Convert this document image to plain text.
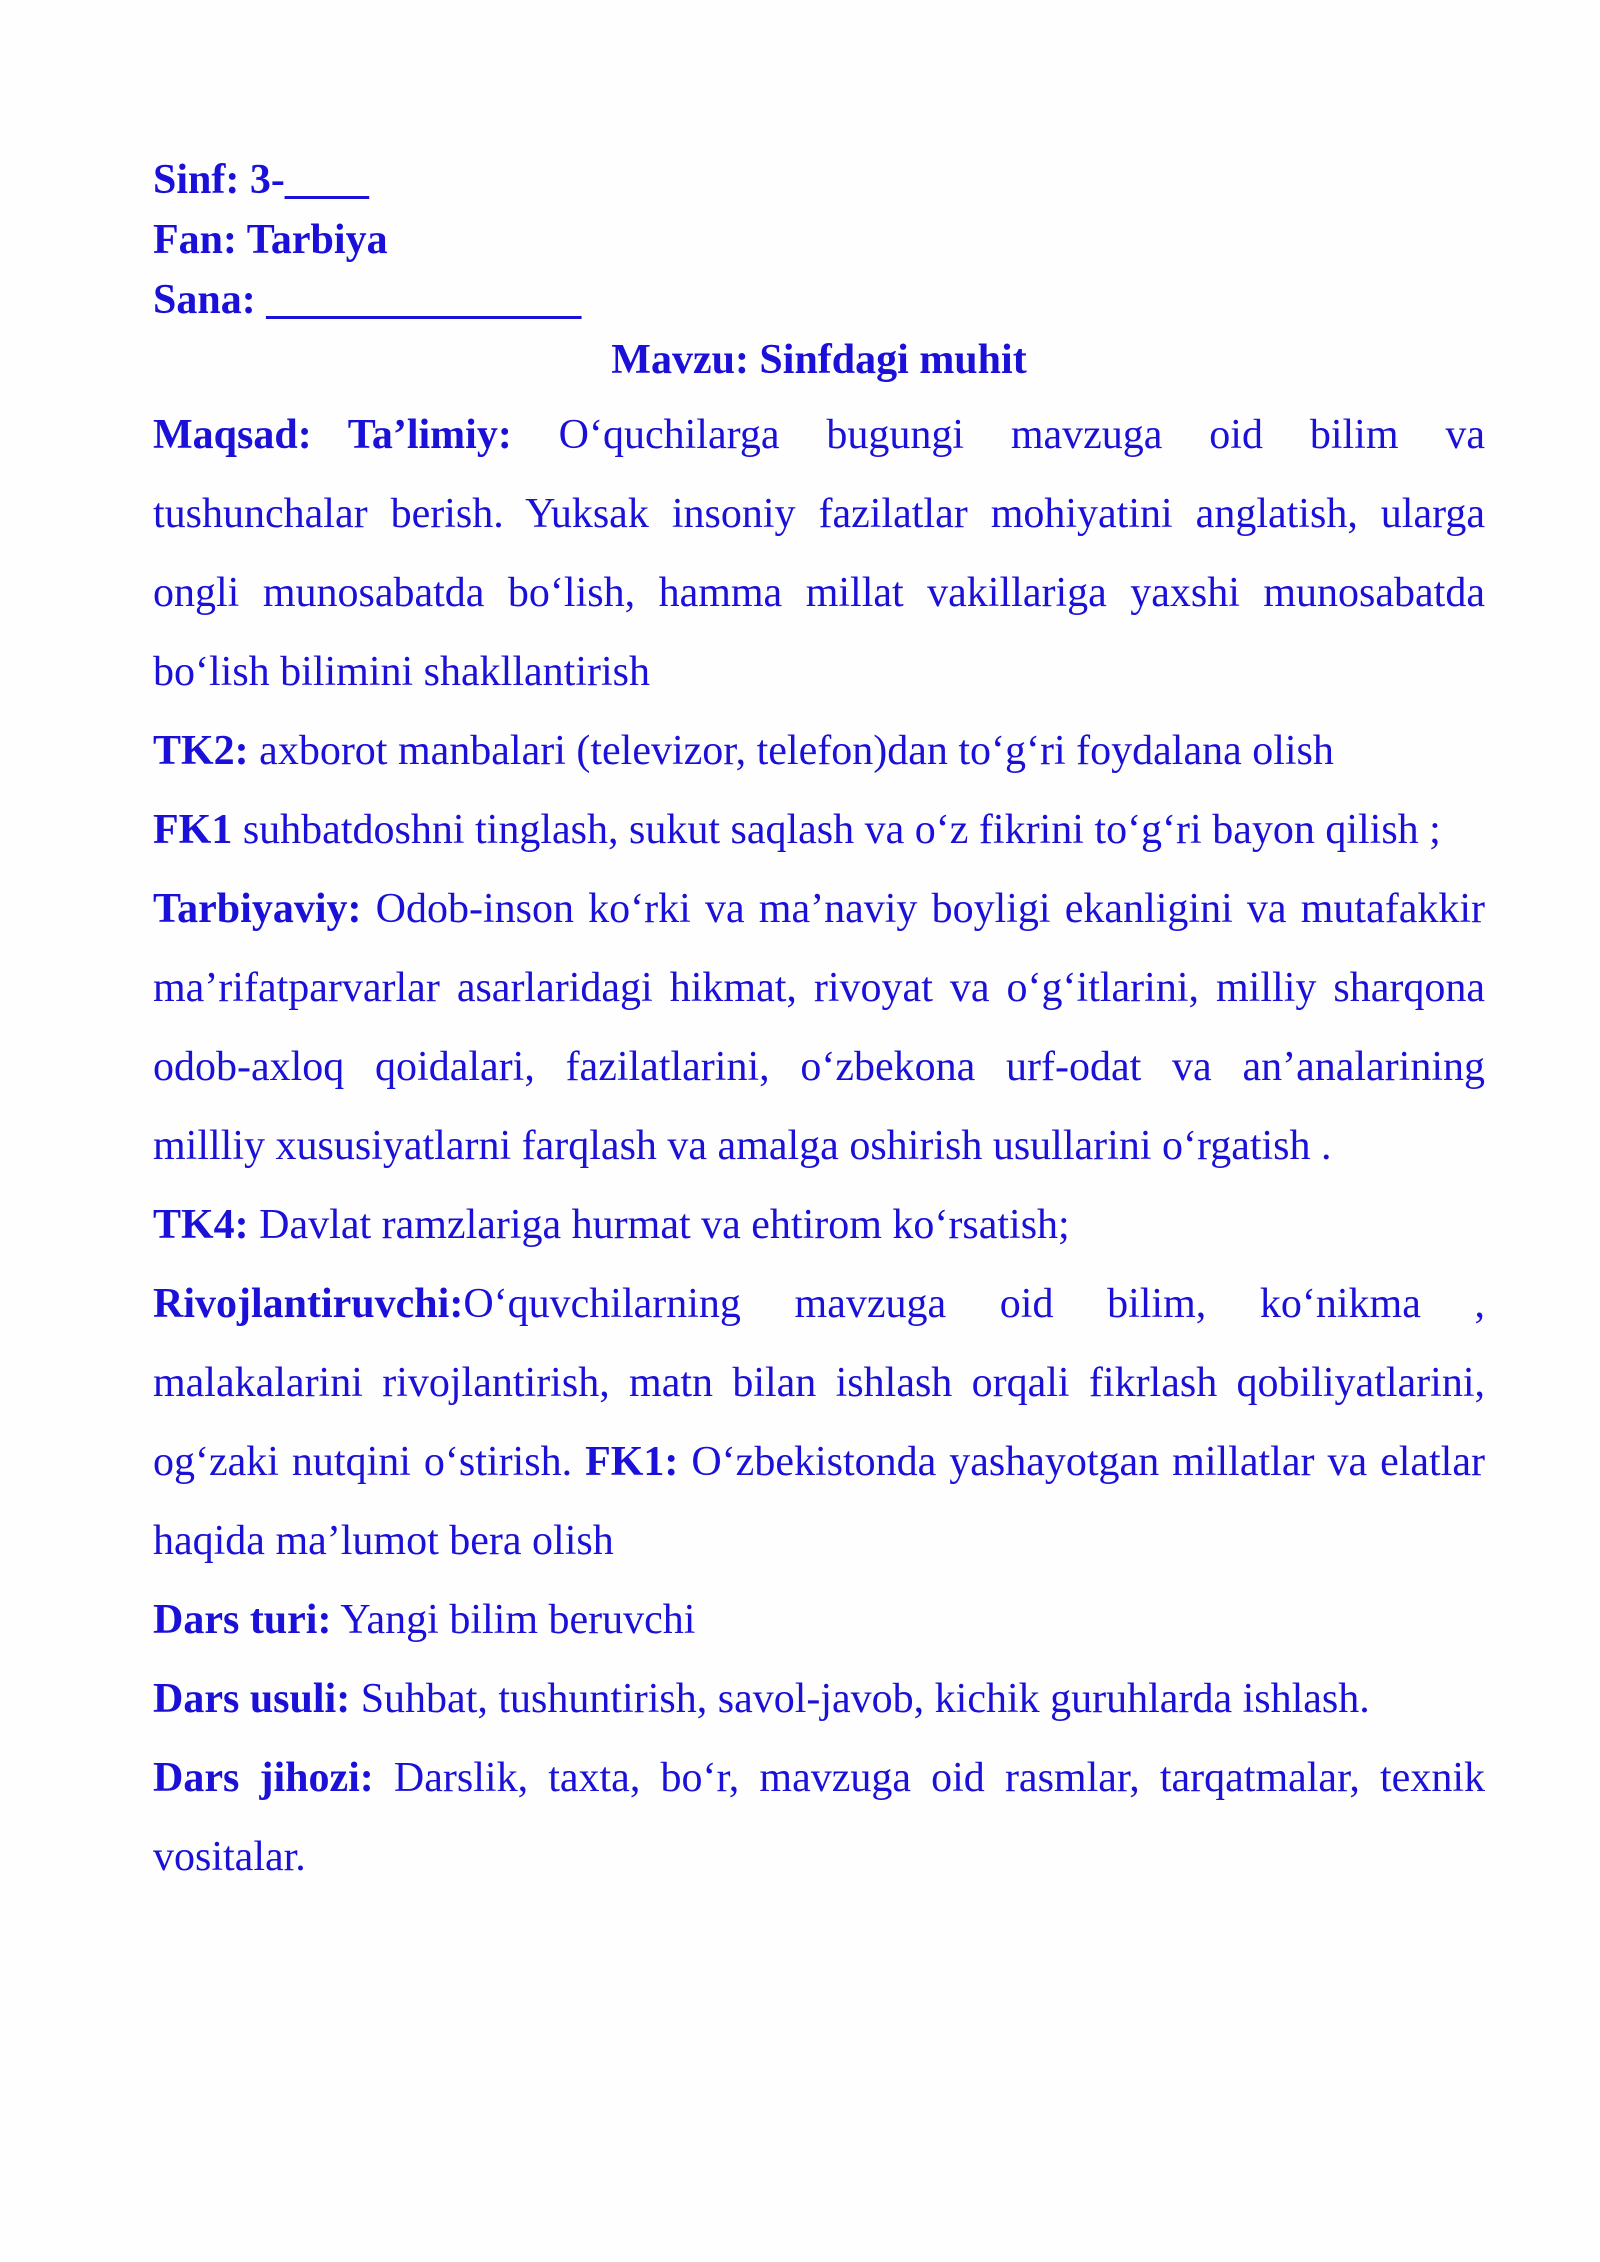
Sinf: 3-____

Fan: Tarbiya

Sana: _______________

Mavzu: Sinfdagi muhit

Maqsad: Ta’limiy: O‘quchilarga bugungi mavzuga oid bilim va tushunchalar berish. Yuksak insoniy fazilatlar mohiyatini anglatish, ularga ongli munosabatda bo‘lish, hamma millat vakillariga yaxshi munosabatda bo‘lish bilimini shakllantirish

TK2: axborot manbalari (televizor, telefon)dan to‘g‘ri foydalana olish

FK1 suhbatdoshni tinglash, sukut saqlash va o‘z fikrini to‘g‘ri bayon qilish ;

Tarbiyaviy: Odob-inson ko‘rki va ma’naviy boyligi ekanligini va mutafakkir ma’rifatparvarlar asarlaridagi hikmat, rivoyat va o‘g‘itlarini, milliy sharqona odob-axloq qoidalari, fazilatlarini, o‘zbekona urf-odat va an’analarining millliy xususiyatlarni farqlash va amalga oshirish usullarini o‘rgatish .

TK4: Davlat ramzlariga hurmat va ehtirom ko‘rsatish;

Rivojlantiruvchi:O‘quvchilarning mavzuga oid bilim, ko‘nikma , malakalarini rivojlantirish, matn bilan ishlash orqali fikrlash qobiliyatlarini, og‘zaki nutqini o‘stirish. FK1: O‘zbekistonda yashayotgan millatlar va elatlar haqida ma’lumot bera olish

Dars turi: Yangi bilim beruvchi

Dars usuli: Suhbat, tushuntirish, savol-javob, kichik guruhlarda ishlash.

Dars jihozi: Darslik, taxta, bo‘r, mavzuga oid rasmlar, tarqatmalar, texnik vositalar.
